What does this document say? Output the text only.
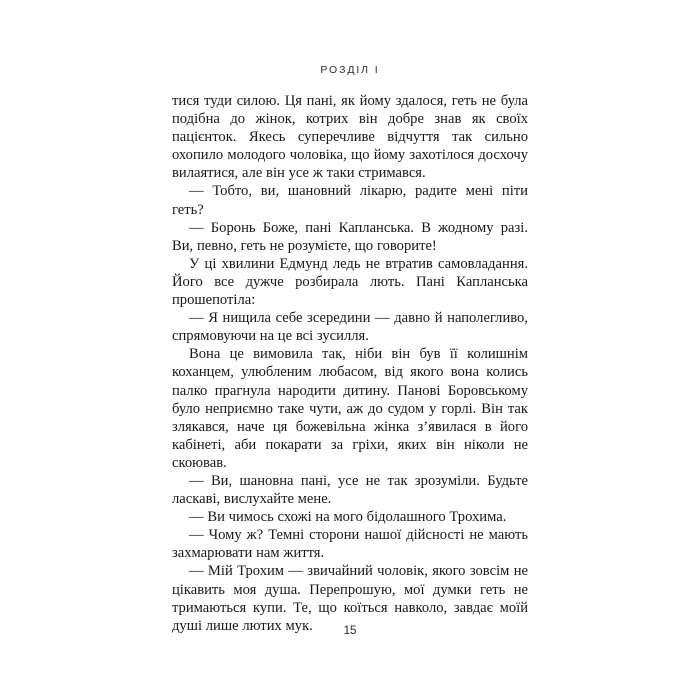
РОЗДІЛ I

тися туди силою. Ця пані, як йому здалося, геть не була подібна до жінок, котрих він добре знав як своїх пацієнток. Якесь суперечливе відчуття так сильно охопило молодого чоловіка, що йому захотілося досхочу вилаятися, але він усе ж таки стримався.

— Тобто, ви, шановний лікарю, радите мені піти геть?

— Боронь Боже, пані Капланська. В жодному разі. Ви, певно, геть не розумієте, що говорите!

У ці хвилини Едмунд ледь не втратив самовладання. Його все дужче розбирала лють. Пані Капланська прошепотіла:

— Я нищила себе зсередини — давно й наполегливо, спрямовуючи на це всі зусилля.

Вона це вимовила так, ніби він був її колишнім коханцем, улюбленим любасом, від якого вона колись палко прагнула народити дитину. Панові Боровському було неприємно таке чути, аж до судом у горлі. Він так злякався, наче ця божевільна жінка з’явилася в його кабінеті, аби покарати за гріхи, яких він ніколи не скоював.

— Ви, шановна пані, усе не так зрозуміли. Будьте ласкаві, вислухайте мене.

— Ви чимось схожі на мого бідолашного Трохима.

— Чому ж? Темні сторони нашої дійсності не мають захмарювати нам життя.

— Мій Трохим — звичайний чоловік, якого зовсім не цікавить моя душа. Перепрошую, мої думки геть не тримаються купи. Те, що коїться навколо, завдає моїй душі лише лютих мук.	15
